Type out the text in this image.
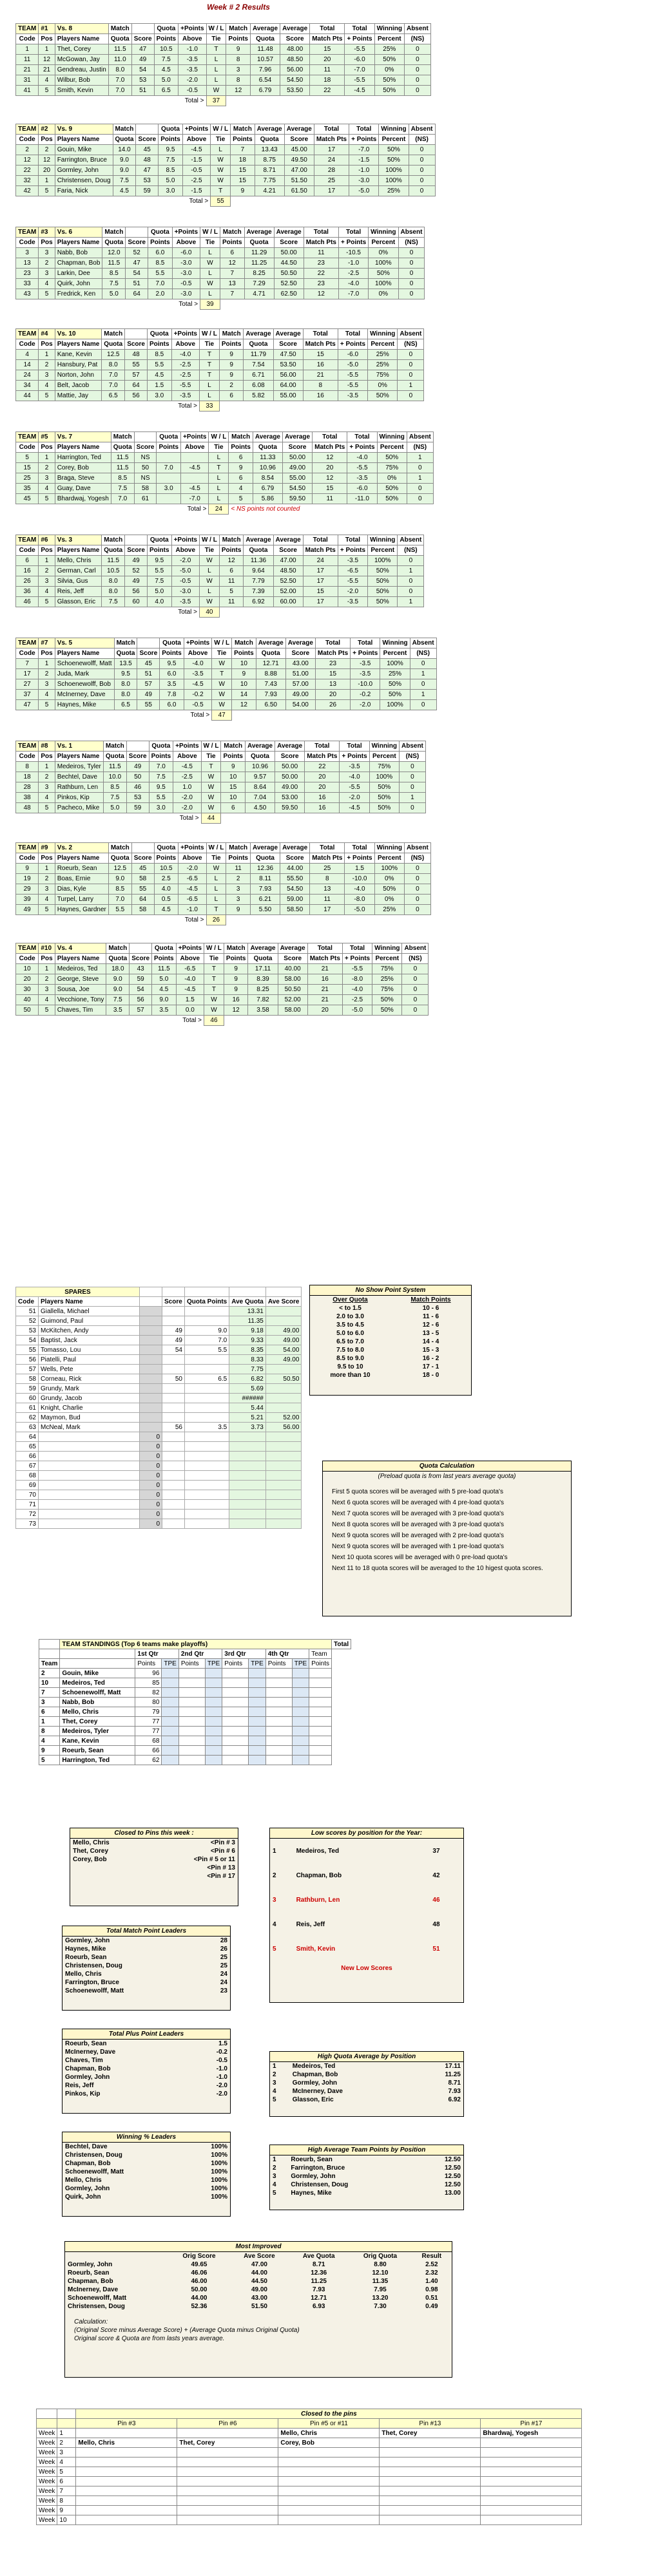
Week # 2 Results
TEAM	#1	Vs. 8	Match		Quota	+Points	W / L	Match	Average	Average	Total	Total	Winning	Absent
Code	Pos	Players Name	Quota	Score	Points	Above	Tie	Points	Quota	Score	Match Pts	+ Points	Percent	(NS)
1	1	Thet, Corey	11.5	47	10.5	-1.0	T	9	11.48	48.00	15	-5.5	25%	0
11	12	McGowan, Jay	11.0	49	7.5	-3.5	L	8	10.57	48.50	20	-6.0	50%	0
21	21	Gendreau, Justin	8.0	54	4.5	-3.5	L	3	7.96	56.00	11	-7.0	0%	0
31	4	Wilbur, Bob	7.0	53	5.0	-2.0	L	8	6.54	54.50	18	-5.5	50%	0
41	5	Smith, Kevin	7.0	51	6.5	-0.5	W	12	6.79	53.50	22	-4.5	50%	0
					Total >		37							
TEAM	#2	Vs. 9	Match		Quota	+Points	W / L	Match	Average	Average	Total	Total	Winning	Absent
Code	Pos	Players Name	Quota	Score	Points	Above	Tie	Points	Quota	Score	Match Pts	+ Points	Percent	(NS)
2	2	Gouin, Mike	14.0	45	9.5	-4.5	L	7	13.43	45.00	17	-7.0	50%	0
12	12	Farrington, Bruce	9.0	48	7.5	-1.5	W	18	8.75	49.50	24	-1.5	50%	0
22	20	Gormley, John	9.0	47	8.5	-0.5	W	15	8.71	47.00	28	-1.0	100%	0
32	1	Christensen, Doug	7.5	53	5.0	-2.5	W	15	7.75	51.50	25	-3.0	100%	0
42	5	Faria, Nick	4.5	59	3.0	-1.5	T	9	4.21	61.50	17	-5.0	25%	0
					Total >		55							
TEAM	#3	Vs. 6	Match		Quota	+Points	W / L	Match	Average	Average	Total	Total	Winning	Absent
Code	Pos	Players Name	Quota	Score	Points	Above	Tie	Points	Quota	Score	Match Pts	+ Points	Percent	(NS)
3	3	Nabb, Bob	12.0	52	6.0	-6.0	L	6	11.29	50.00	11	-10.5	0%	0
13	2	Chapman, Bob	11.5	47	8.5	-3.0	W	12	11.25	44.50	23	-1.0	100%	0
23	3	Larkin, Dee	8.5	54	5.5	-3.0	L	7	8.25	50.50	22	-2.5	50%	0
33	4	Quirk, John	7.5	51	7.0	-0.5	W	13	7.29	52.50	23	-4.0	100%	0
43	5	Fredrick, Ken	5.0	64	2.0	-3.0	L	7	4.71	62.50	12	-7.0	0%	0
					Total >		39							
TEAM	#4	Vs. 10	Match		Quota	+Points	W / L	Match	Average	Average	Total	Total	Winning	Absent
Code	Pos	Players Name	Quota	Score	Points	Above	Tie	Points	Quota	Score	Match Pts	+ Points	Percent	(NS)
4	1	Kane, Kevin	12.5	48	8.5	-4.0	T	9	11.79	47.50	15	-6.0	25%	0
14	2	Hansbury, Pat	8.0	55	5.5	-2.5	T	9	7.54	53.50	16	-5.0	25%	0
24	3	Norton, John	7.0	57	4.5	-2.5	T	9	6.71	56.00	21	-5.5	75%	0
34	4	Belt, Jacob	7.0	64	1.5	-5.5	L	2	6.08	64.00	8	-5.5	0%	1
44	5	Mattie, Jay	6.5	56	3.0	-3.5	L	6	5.82	55.00	16	-3.5	50%	0
					Total >		33							
TEAM	#5	Vs. 7	Match		Quota	+Points	W / L	Match	Average	Average	Total	Total	Winning	Absent
Code	Pos	Players Name	Quota	Score	Points	Above	Tie	Points	Quota	Score	Match Pts	+ Points	Percent	(NS)
5	1	Harrington, Ted	11.5	NS			L	6	11.33	50.00	12	-4.0	50%	1
15	2	Corey, Bob	11.5	50	7.0	-4.5	T	9	10.96	49.00	20	-5.5	75%	0
25	3	Braga, Steve	8.5	NS			L	6	8.54	55.00	12	-3.5	0%	1
35	4	Guay, Dave	7.5	58	3.0	-4.5	L	4	6.79	54.50	15	-6.0	50%	0
45	5	Bhardwaj, Yogesh	7.0	61		-7.0	L	5	5.86	59.50	11	-11.0	50%	0
					Total >		24	< NS points not counted						
TEAM	#6	Vs. 3	Match		Quota	+Points	W / L	Match	Average	Average	Total	Total	Winning	Absent
Code	Pos	Players Name	Quota	Score	Points	Above	Tie	Points	Quota	Score	Match Pts	+ Points	Percent	(NS)
6	1	Mello, Chris	11.5	49	9.5	-2.0	W	12	11.36	47.00	24	-3.5	100%	0
16	2	German, Carl	10.5	52	5.5	-5.0	L	6	9.64	48.50	17	-6.5	50%	1
26	3	Silvia, Gus	8.0	49	7.5	-0.5	W	11	7.79	52.50	17	-5.5	50%	0
36	4	Reis, Jeff	8.0	56	5.0	-3.0	L	5	7.39	52.00	15	-2.0	50%	0
46	5	Glasson, Eric	7.5	60	4.0	-3.5	W	11	6.92	60.00	17	-3.5	50%	1
					Total >		40							
TEAM	#7	Vs. 5	Match		Quota	+Points	W / L	Match	Average	Average	Total	Total	Winning	Absent
Code	Pos	Players Name	Quota	Score	Points	Above	Tie	Points	Quota	Score	Match Pts	+ Points	Percent	(NS)
7	1	Schoenewolff, Matt	13.5	45	9.5	-4.0	W	10	12.71	43.00	23	-3.5	100%	0
17	2	Juda, Mark	9.5	51	6.0	-3.5	T	9	8.88	51.00	15	-3.5	25%	1
27	3	Schoenewolff, Bob	8.0	57	3.5	-4.5	W	10	7.43	57.00	13	-10.0	50%	0
37	4	McInerney, Dave	8.0	49	7.8	-0.2	W	14	7.93	49.00	20	-0.2	50%	1
47	5	Haynes, Mike	6.5	55	6.0	-0.5	W	12	6.50	54.00	26	-2.0	100%	0
					Total >		47							
TEAM	#8	Vs. 1	Match		Quota	+Points	W / L	Match	Average	Average	Total	Total	Winning	Absent
Code	Pos	Players Name	Quota	Score	Points	Above	Tie	Points	Quota	Score	Match Pts	+ Points	Percent	(NS)
8	1	Medeiros, Tyler	11.5	49	7.0	-4.5	T	9	10.96	50.00	22	-3.5	75%	0
18	2	Bechtel, Dave	10.0	50	7.5	-2.5	W	10	9.57	50.00	20	-4.0	100%	0
28	3	Rathburn, Len	8.5	46	9.5	1.0	W	15	8.64	49.00	20	-5.5	50%	0
38	4	Pinkos, Kip	7.5	53	5.5	-2.0	W	10	7.04	53.00	16	-2.0	50%	1
48	5	Pacheco, Mike	5.0	59	3.0	-2.0	W	6	4.50	59.50	16	-4.5	50%	0
					Total >		44							
TEAM	#9	Vs. 2	Match		Quota	+Points	W / L	Match	Average	Average	Total	Total	Winning	Absent
Code	Pos	Players Name	Quota	Score	Points	Above	Tie	Points	Quota	Score	Match Pts	+ Points	Percent	(NS)
9	1	Roeurb, Sean	12.5	45	10.5	-2.0	W	11	12.36	44.00	25	1.5	100%	0
19	2	Boas, Ernie	9.0	58	2.5	-6.5	L	2	8.11	55.50	8	-10.0	0%	0
29	3	Dias, Kyle	8.5	55	4.0	-4.5	L	3	7.93	54.50	13	-4.0	50%	0
39	4	Turpel, Larry	7.0	64	0.5	-6.5	L	3	6.21	59.00	11	-8.0	0%	0
49	5	Haynes, Gardner	5.5	58	4.5	-1.0	T	9	5.50	58.50	17	-5.0	25%	0
					Total >		26							
TEAM	#10	Vs. 4	Match		Quota	+Points	W / L	Match	Average	Average	Total	Total	Winning	Absent
Code	Pos	Players Name	Quota	Score	Points	Above	Tie	Points	Quota	Score	Match Pts	+ Points	Percent	(NS)
10	1	Medeiros, Ted	18.0	43	11.5	-6.5	T	9	17.11	40.00	21	-5.5	75%	0
20	2	George, Steve	9.0	59	5.0	-4.0	T	9	8.39	58.00	16	-8.0	25%	0
30	3	Sousa, Joe	9.0	54	4.5	-4.5	T	9	8.25	50.50	21	-4.0	75%	0
40	4	Vecchione, Tony	7.5	56	9.0	1.5	W	16	7.82	52.00	21	-2.5	50%	0
50	5	Chaves, Tim	3.5	57	3.5	0.0	W	12	3.58	58.00	20	-5.0	50%	0
					Total >		46							
SPARES						
Code	Players Name		Score	Quota Points	Ave Quota	Ave Score
51	Giallella, Michael				13.31	
52	Guimond, Paul				11.35	
53	McKitchen, Andy		49	9.0	9.18	49.00
54	Baptist, Jack		49	7.0	9.33	49.00
55	Tomasso, Lou		54	5.5	8.35	54.00
56	Piatelli, Paul				8.33	49.00
57	Wells, Pete				7.75	
58	Corneau, Rick		50	6.5	6.82	50.50
59	Grundy, Mark				5.69	
60	Grundy, Jacob				######	
61	Knight, Charlie				5.44	
62	Maymon, Bud				5.21	52.00
63	McNeal, Mark		56	3.5	3.73	56.00
64		0				
65		0				
66		0				
67		0				
68		0				
69		0				
70		0				
71		0				
72		0				
73		0				
No Show Point System
Over Quota	Match Points
< to 1.5	10 - 6
2.0 to 3.0	11 - 6
3.5 to 4.5	12 - 6
5.0 to 6.0	13 - 5
6.5 to 7.0	14 - 4
7.5 to 8.0	15 - 3
8.5 to 9.0	16 - 2
9.5 to 10	17 - 1
more than 10	18 - 0
Quota Calculation
(Preload quota is from last years average quota)
First 5 quota scores will be averaged with 5 pre-load quota's
Next 6 quota scores will be averaged with 4 pre-load quota's
Next 7 quota scores will be averaged with 3 pre-load quota's
Next 8 quota scores will be averaged with 3 pre-load quota's
Next 9 quota scores will be averaged with 2 pre-load quota's
Next 9 quota scores will be averaged with 1 pre-load quota's
Next 10 quota scores will be averaged with 0 pre-load quota's
Next 11 to 18 quota scores will be averaged to the 10 higest quota scores.
	TEAM STANDINGS (Top 6 teams make playoffs)										Total
		1st Qtr		2nd Qtr		3rd Qtr		4th Qtr		Team	
Team		Points	TPE	Points	TPE	Points	TPE	Points	TPE	Points	
2	Gouin, Mike	96									
10	Medeiros, Ted	85									
7	Schoenewolff, Matt	82									
3	Nabb, Bob	80									
6	Mello, Chris	79									
1	Thet, Corey	77									
8	Medeiros, Tyler	77									
4	Kane, Kevin	68									
9	Roeurb, Sean	66									
5	Harrington, Ted	62									
Closed to Pins this week :
Mello, Chris	<Pin # 3
Thet, Corey	<Pin # 6
Corey, Bob	<Pin # 5 or 11
	<Pin # 13
	<Pin # 17
Low scores by position for the Year:
1	Medeiros, Ted	37
2	Chapman, Bob	42
3	Rathburn, Len	46
4	Reis, Jeff	48
5	Smith, Kevin	51
New Low Scores
Total Match Point Leaders
Gormley, John	28
Haynes, Mike	26
Roeurb, Sean	25
Christensen, Doug	25
Mello, Chris	24
Farrington, Bruce	24
Schoenewolff, Matt	23
Total Plus Point Leaders
Roeurb, Sean	1.5
McInerney, Dave	-0.2
Chaves, Tim	-0.5
Chapman, Bob	-1.0
Gormley, John	-1.0
Reis, Jeff	-2.0
Pinkos, Kip	-2.0
High Quota Average by Position
1	Medeiros, Ted	17.11
2	Chapman, Bob	11.25
3	Gormley, John	8.71
4	McInerney, Dave	7.93
5	Glasson, Eric	6.92
Winning % Leaders
Bechtel, Dave	100%
Christensen, Doug	100%
Chapman, Bob	100%
Schoenewolff, Matt	100%
Mello, Chris	100%
Gormley, John	100%
Quirk, John	100%
High Average Team Points by Position
1	Roeurb, Sean	12.50
2	Farrington, Bruce	12.50
3	Gormley, John	12.50
4	Christensen, Doug	12.50
5	Haynes, Mike	13.00
Most Improved
	Orig Score	Ave Score	Ave Quota	Orig Quota	Result
Gormley, John	49.65	47.00	8.71	8.80	2.52
Roeurb, Sean	46.06	44.00	12.36	12.10	2.32
Chapman, Bob	46.00	44.50	11.25	11.35	1.40
McInerney, Dave	50.00	49.00	7.93	7.95	0.98
Schoenewolff, Matt	44.00	43.00	12.71	13.20	0.51
Christensen, Doug	52.36	51.50	6.93	7.30	0.49
Calculation:
(Original Score minus Average Score) + (Average Quota minus Original Quota)
Original score & Quota are from lasts years average.
		Closed to the pins				
		Pin #3	Pin #6	Pin #5 or #11	Pin #13	Pin #17
Week	1			Mello, Chris	Thet, Corey	Bhardwaj, Yogesh
Week	2	Mello, Chris	Thet, Corey	Corey, Bob		
Week	3					
Week	4					
Week	5					
Week	6					
Week	7					
Week	8					
Week	9					
Week	10					
